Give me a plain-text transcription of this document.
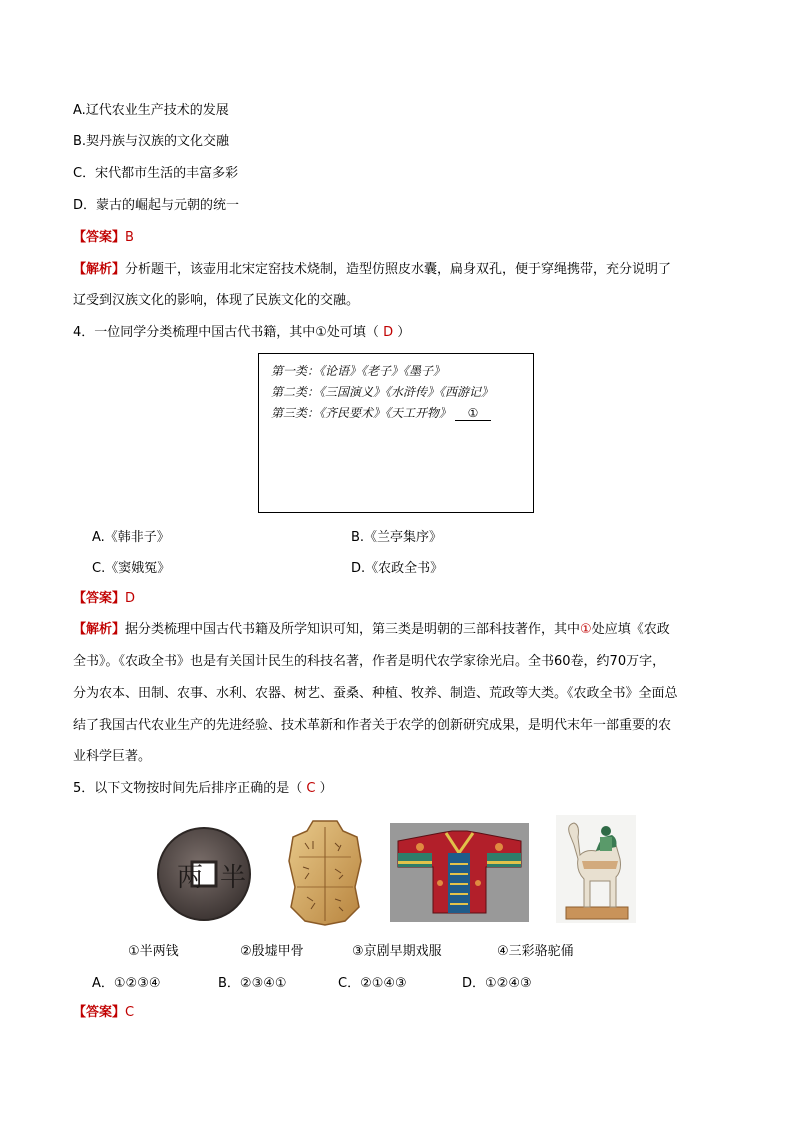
A.辽代农业生产技术的发展
B.契丹族与汉族的文化交融
C．宋代都市生活的丰富多彩
D．蒙古的崛起与元朝的统一
【答案】B
【解析】分析题干，该壶用北宋定窑技术烧制，造型仿照皮水囊，扁身双孔，便于穿绳携带，充分说明了
辽受到汉族文化的影响，体现了民族文化的交融。
4．一位同学分类梳理中国古代书籍，其中①处可填（ D ）
第一类：《论语》《老子》《墨子》
第二类：《三国演义》《水浒传》《西游记》
第三类：《齐民要术》《天工开物》 ①
A.《韩非子》	B.《兰亭集序》
C.《窦娥冤》	D.《农政全书》
【答案】D
【解析】据分类梳理中国古代书籍及所学知识可知，第三类是明朝的三部科技著作，其中①处应填《农政
全书》。《农政全书》也是有关国计民生的科技名著，作者是明代农学家徐光启。全书60卷，约70万字，
分为农本、田制、农事、水利、农器、树艺、蚕桑、种植、牧养、制造、荒政等大类。《农政全书》全面总
结了我国古代农业生产的先进经验、技术革新和作者关于农学的创新研究成果，是明代末年一部重要的农
业科学巨著。
5．以下文物按时间先后排序正确的是（ C ）
两 半
①半两钱	②殷墟甲骨	③京剧早期戏服	④三彩骆驼俑
A．①②③④	B．②③④①	C．②①④③	D．①②④③
【答案】C
